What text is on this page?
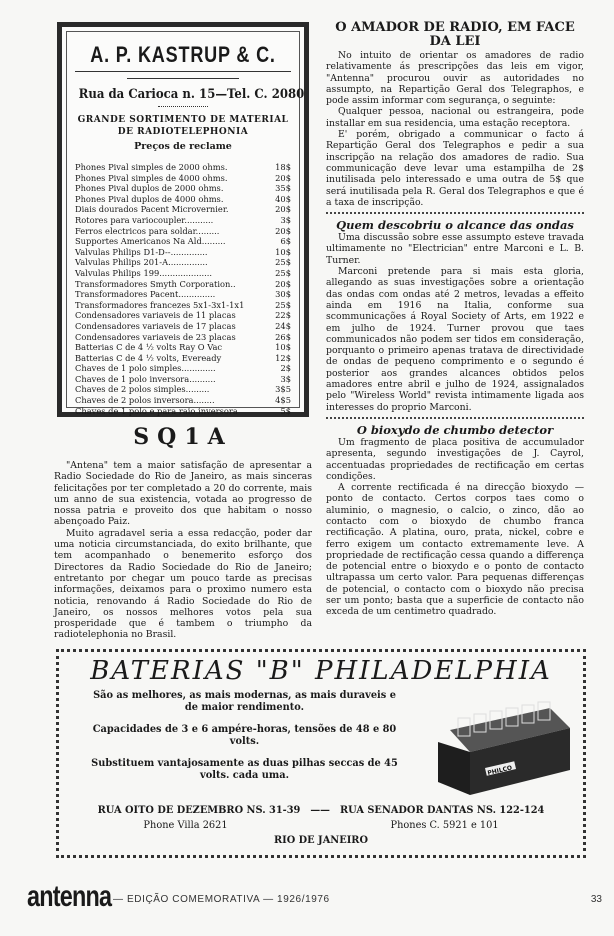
A. P. KASTRUP & C.
Rua da Carioca n. 15—Tel. C. 2080
GRANDE SORTIMENTO DE MATERIAL
DE RADIOTELEPHONIA
Preços de reclame
Phones Pival simples de 2000 ohms.	18$
Phones Pival simples de 4000 ohms.	20$
Phones Pival duplos de 2000 ohms.	35$
Phones Pival duplos de 4000 ohms.	40$
Diais dourados Pacent Microvernier.	20$
Rotores para variocoupler...........	3$
Ferros electricos para soldar.........	20$
Supportes Americanos Na Ald.........	6$
Valvulas Philips D1-D--..............	10$
Valvulas Philips 201-A...............	25$
Valvulas Philips 199....................	25$
Transformadores Smyth Corporation..	20$
Transformadores Pacent..............	30$
Transformadores francezes 5x1-3x1-1x1	25$
Condensadores variaveis de 11 placas	22$
Condensadores variaveis de 17 placas	24$
Condensadores variaveis de 23 placas	26$
Batterias C de 4 ½ volts Ray O Vac	10$
Batterias C de 4 ½ volts, Eveready	12$
Chaves de 1 polo simples.............	2$
Chaves de 1 polo inversora..........	3$
Chaves de 2 polos simples.........	3$5
Chaves de 2 polos inversora........	4$5
Chaves de 1 polo e para raio inversora	5$
O AMADOR DE RADIO, EM FACE DA LEI

No intuito de orientar os amadores de radio relativamente ás prescripções das leis em vigor, "Antenna" procurou ouvir as autoridades no assumpto, na Repartição Geral dos Telegraphos, e pode assim informar com segurança, o seguinte:

Qualquer pessoa, nacional ou estrangeira, pode installar em sua residencia, uma estação receptora.

E' porém, obrigado a communicar o facto á Repartição Geral dos Telegraphos e pedir a sua inscripção na relação dos amadores de radio. Sua communicação deve levar uma estampilha de 2$ inutilisada pelo interessado e uma outra de 5$ que será inutilisada pela R. Geral dos Telegraphos e que é a taxa de inscripção.

Quem descobriu o alcance das ondas

Uma discussão sobre esse assumpto esteve travada ultimamente no "Electrician" entre Marconi e L. B. Turner.

Marconi pretende para si mais esta gloria, allegando as suas investigações sobre a orientação das ondas com ondas até 2 metros, levadas a effeito ainda em 1916 na Italia, conforme sua scommunicações á Royal Society of Arts, em 1922 e em julho de 1924. Turner provou que taes communicados não podem ser tidos em consideração, porquanto o primeiro apenas tratava de directividade de ondas de pequeno comprimento e o segundo é posterior aos grandes alcances obtidos pelos amadores entre abril e julho de 1924, assignalados pelo "Wireless World" revista intimamente ligada aos interesses do proprio Marconi.

O bioxydo de chumbo detector

Um fragmento de placa positiva de accumulador apresenta, segundo investigações de J. Cayrol, accentuadas propriedades de rectificação em certas condições.

A corrente rectificada é na direcção bioxydo — ponto de contacto. Certos corpos taes como o aluminio, o magnesio, o calcio, o zinco, dão ao contacto com o bioxydo de chumbo franca rectificação. A platina, ouro, prata, nickel, cobre e ferro exigem um contacto extremamente leve. A propriedade de rectificação cessa quando a differença de potencial entre o bioxydo e o ponto de contacto ultrapassa um certo valor. Para pequenas differenças de potencial, o contacto com o bioxydo não precisa ser um ponto; basta que a superficie de contacto não exceda de um centimetro quadrado.

SQ1A

"Antena" tem a maior satisfação de apresentar a Radio Sociedade do Rio de Janeiro, as mais sinceras felicitações por ter completado a 20 do corrente, mais um anno de sua existencia, votada ao progresso de nossa patria e proveito dos que habitam o nosso abençoado Paiz.

Muito agradavel seria a essa redacção, poder dar uma noticia circumstanciada, do exito brilhante, que tem acompanhado o benemerito esforço dos Directores da Radio Sociedade do Rio de Janeiro; entretanto por chegar um pouco tarde as precisas informações, deixamos para o proximo numero esta noticia, renovando á Radio Sociedade do Rio de Janeiro, os nossos melhores votos pela sua prosperidade que é tambem o triumpho da radiotelephonia no Brasil.

BATERIAS "B" PHILADELPHIA
São as melhores, as mais modernas, as mais duraveis e
de maior rendimento.
Capacidades de 3 e 6 ampére-horas, tensões de 48 e 80
volts.
Substituem vantajosamente as duas pilhas seccas de 45
volts. cada uma.	PHILCO
RUA OITO DE DEZEMBRO NS. 31-39 —— RUA SENADOR DANTAS NS. 122-124
Phone Villa 2621	Phones C. 5921 e 101
RIO DE JANEIRO
antenna — EDIÇÃO COMEMORATIVA — 1926/1976	33
